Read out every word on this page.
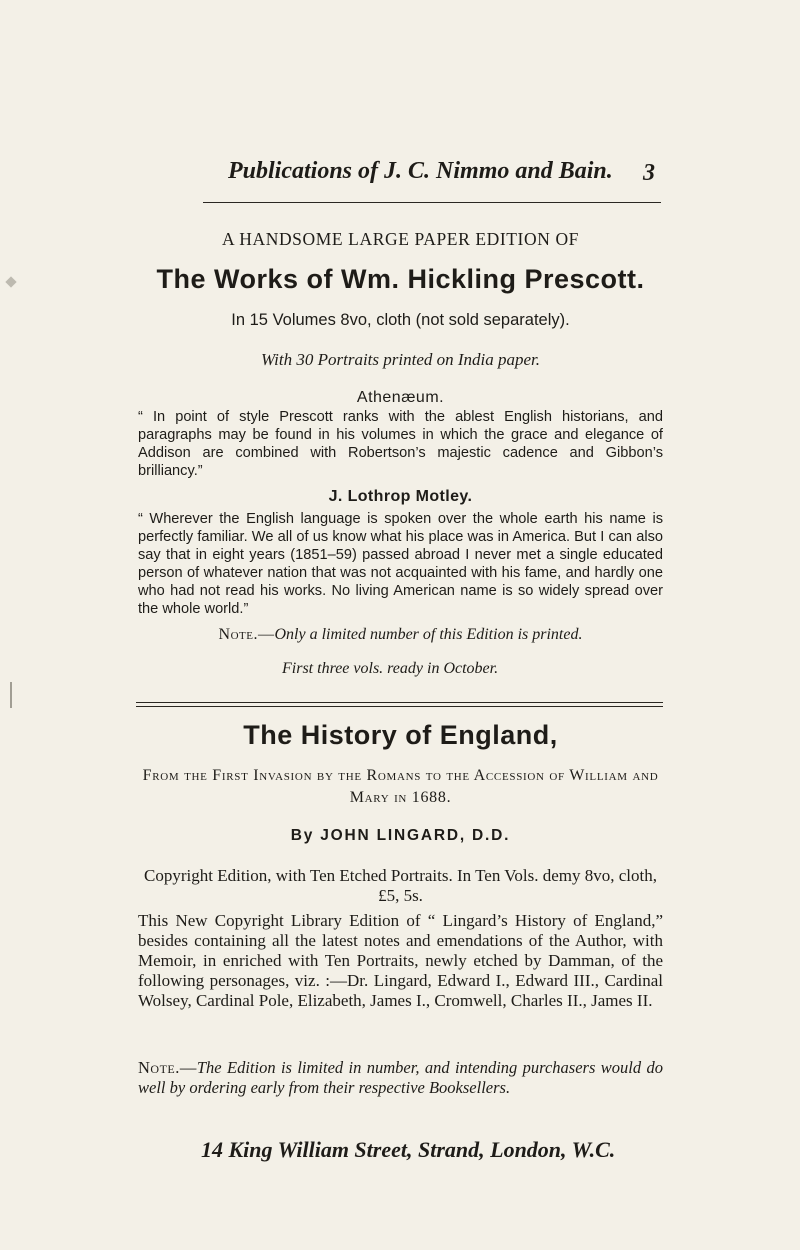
Publications of J. C. Nimmo and Bain.	3
A HANDSOME LARGE PAPER EDITION OF
The Works of Wm. Hickling Prescott.
In 15 Volumes 8vo, cloth (not sold separately).
With 30 Portraits printed on India paper.
Athenæum.

“ In point of style Prescott ranks with the ablest English historians, and paragraphs may be found in his volumes in which the grace and elegance of Addison are combined with Robertson’s majestic cadence and Gibbon’s brilliancy.”

J. Lothrop Motley.

“ Wherever the English language is spoken over the whole earth his name is perfectly familiar. We all of us know what his place was in America. But I can also say that in eight years (1851–59) passed abroad I never met a single educated person of whatever nation that was not acquainted with his fame, and hardly one who had not read his works. No living American name is so widely spread over the whole world.”

Note.—Only a limited number of this Edition is printed.
First three vols. ready in October.
The History of England,
From the First Invasion by the Romans to the Accession of William and Mary in 1688.
By JOHN LINGARD, D.D.
Copyright Edition, with Ten Etched Portraits. In Ten Vols. demy 8vo, cloth, £5, 5s.

This New Copyright Library Edition of “ Lingard’s History of England,” besides containing all the latest notes and emendations of the Author, with Memoir, in enriched with Ten Portraits, newly etched by Damman, of the following personages, viz. :—Dr. Lingard, Edward I., Edward III., Cardinal Wolsey, Cardinal Pole, Elizabeth, James I., Cromwell, Charles II., James II.

Note.—The Edition is limited in number, and intending purchasers would do well by ordering early from their respective Booksellers.

14 King William Street, Strand, London, W.C.
